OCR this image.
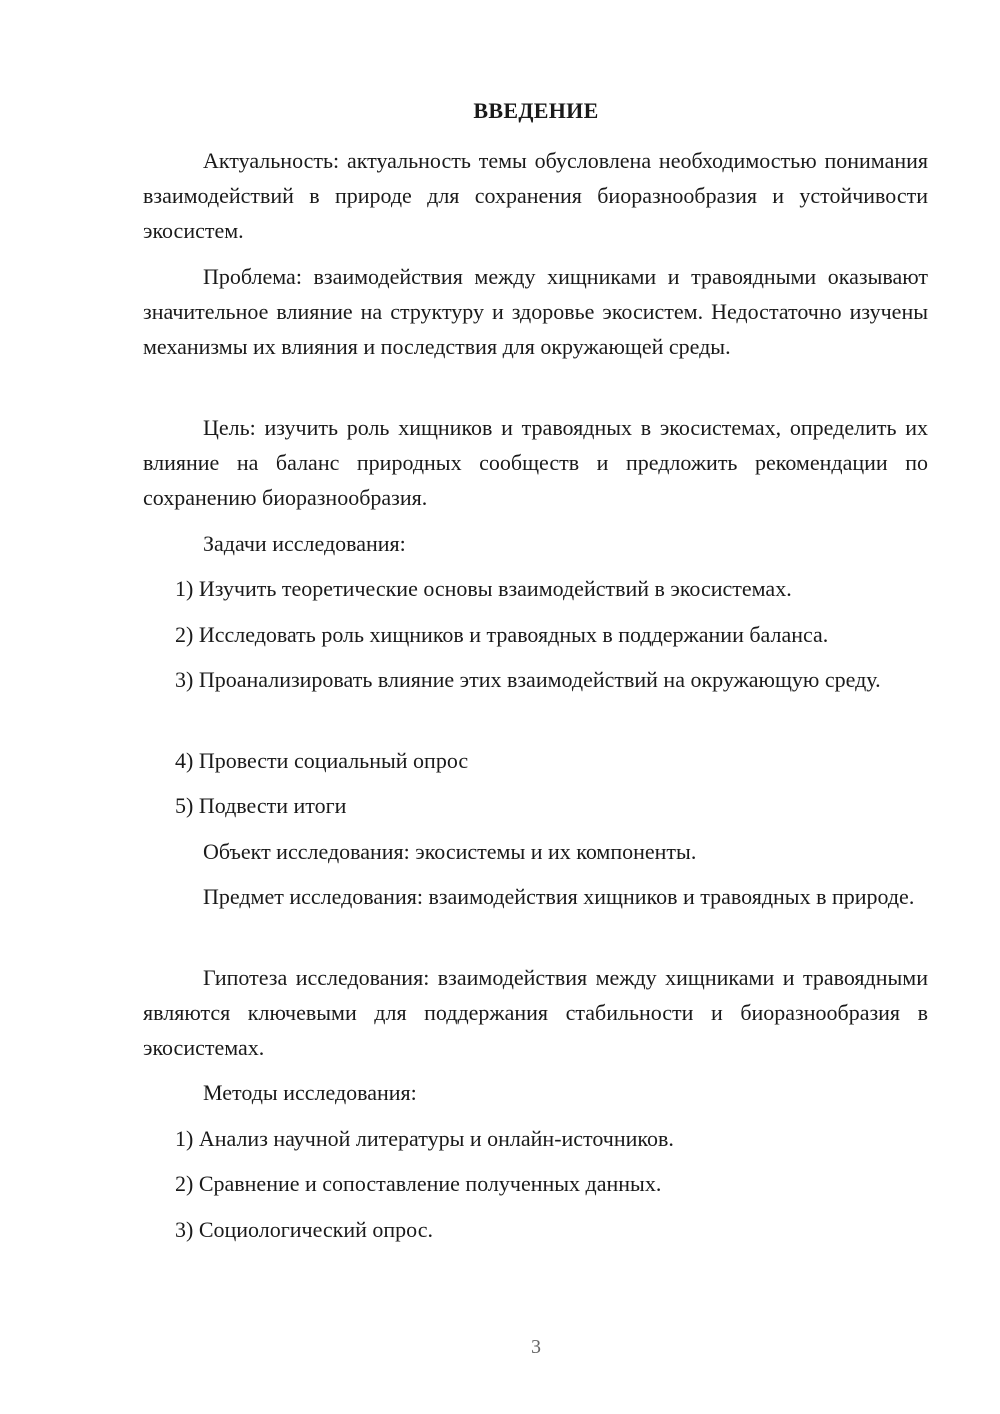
ВВЕДЕНИЕ

Актуальность: актуальность темы обусловлена необходимостью понимания взаимодействий в природе для сохранения биоразнообразия и устойчивости экосистем.

Проблема: взаимодействия между хищниками и травоядными оказывают значительное влияние на структуру и здоровье экосистем. Недостаточно изучены механизмы их влияния и последствия для окружающей среды.

Цель: изучить роль хищников и травоядных в экосистемах, определить их влияние на баланс природных сообществ и предложить рекомендации по сохранению биоразнообразия.

Задачи исследования:

1) Изучить теоретические основы взаимодействий в экосистемах.

2) Исследовать роль хищников и травоядных в поддержании баланса.

3) Проанализировать влияние этих взаимодействий на окружающую среду.

4) Провести социальный опрос

5) Подвести итоги

Объект исследования: экосистемы и их компоненты.

Предмет исследования: взаимодействия хищников и травоядных в природе.

Гипотеза исследования: взаимодействия между хищниками и травоядными являются ключевыми для поддержания стабильности и биоразнообразия в экосистемах.

Методы исследования:

1) Анализ научной литературы и онлайн-источников.

2) Сравнение и сопоставление полученных данных.

3) Социологический опрос.

3
